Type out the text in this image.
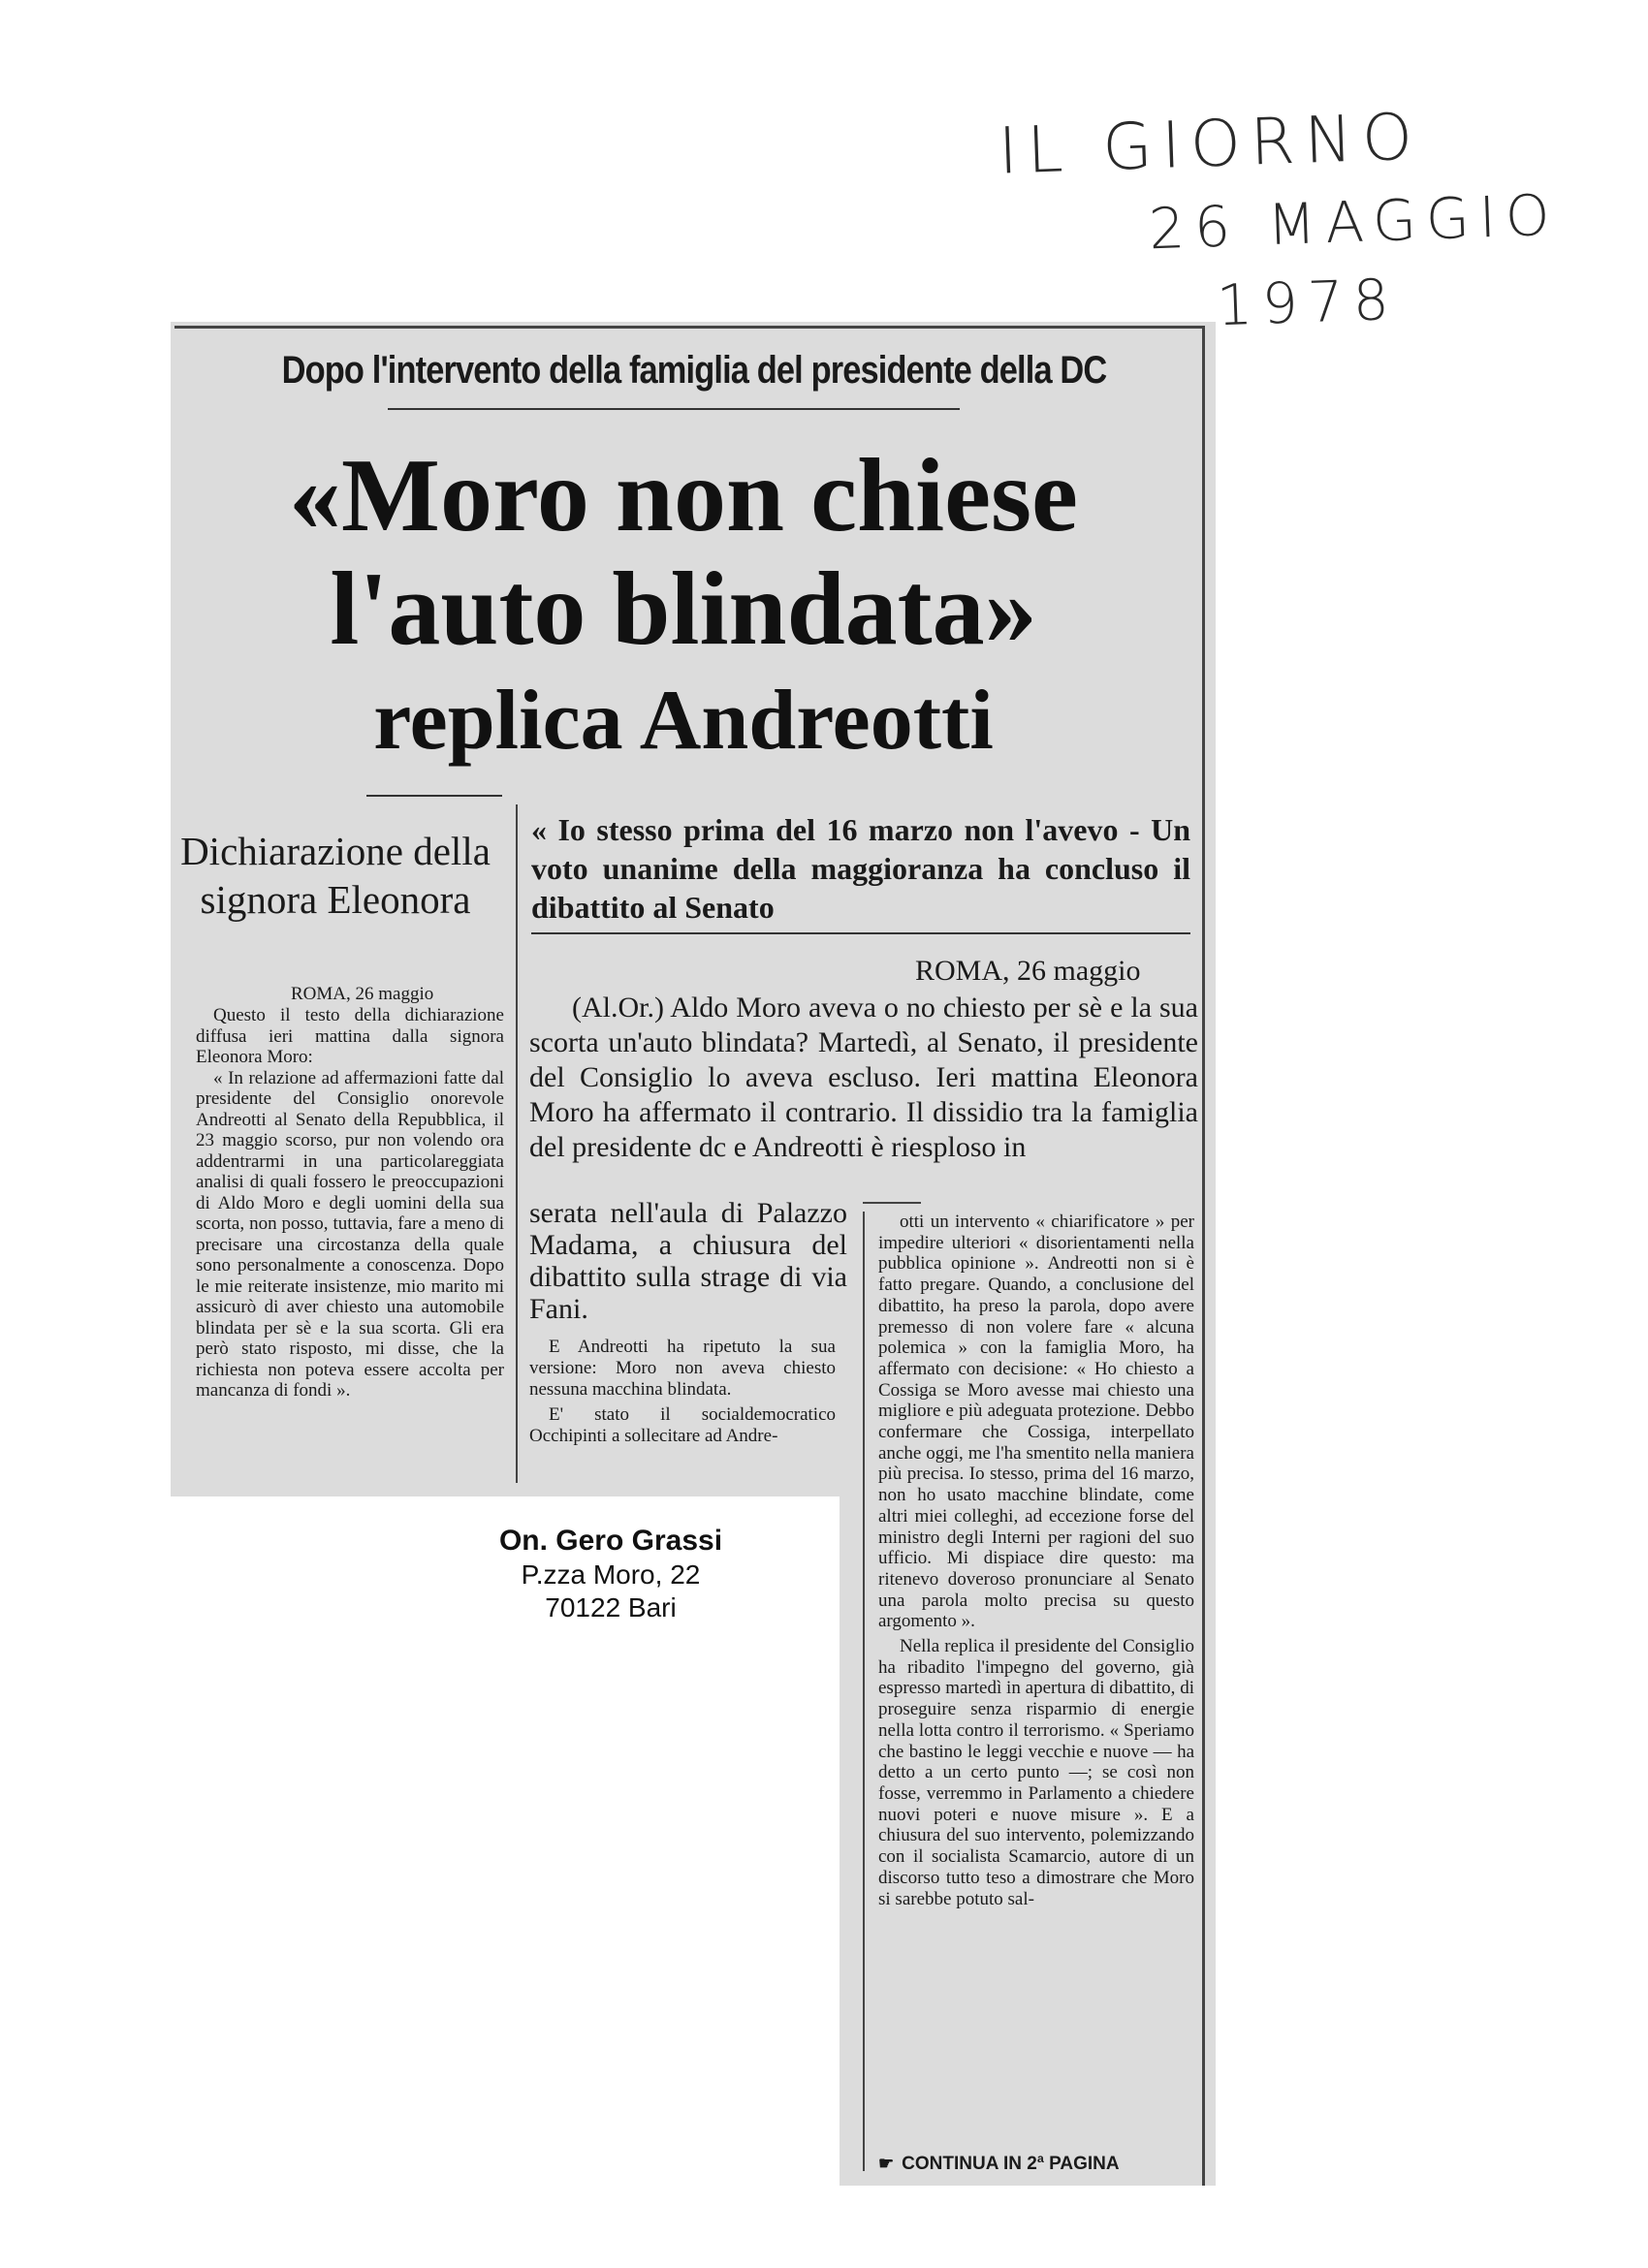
IL GIORNO
26 MAGGIO
1978
Dopo l'intervento della famiglia del presidente della DC
«Moro non chiese
l'auto blindata»
replica Andreotti
Dichiarazione della signora Eleonora
ROMA, 26 maggio

Questo il testo della dichiarazione diffusa ieri mattina dalla signora Eleonora Moro:

« In relazione ad affermazioni fatte dal presidente del Consiglio onorevole Andreotti al Senato della Repubblica, il 23 maggio scorso, pur non volendo ora addentrarmi in una particolareggiata analisi di quali fossero le preoccupazioni di Aldo Moro e degli uomini della sua scorta, non posso, tuttavia, fare a meno di precisare una circostanza della quale sono personalmente a conoscenza. Dopo le mie reiterate insistenze, mio marito mi assicurò di aver chiesto una automobile blindata per sè e la sua scorta. Gli era però stato risposto, mi disse, che la richiesta non poteva essere accolta per mancanza di fondi ».

« Io stesso prima del 16 marzo non l'avevo - Un voto unanime della maggioranza ha concluso il dibattito al Senato
ROMA, 26 maggio

(Al.Or.) Aldo Moro aveva o no chiesto per sè e la sua scorta un'auto blindata? Martedì, al Senato, il presidente del Consiglio lo aveva escluso. Ieri mattina Eleonora Moro ha affermato il contrario. Il dissidio tra la famiglia del presidente dc e Andreotti è riesploso in

serata nell'aula di Palazzo Madama, a chiusura del dibattito sulla strage di via Fani.

E Andreotti ha ripetuto la sua versione: Moro non aveva chiesto nessuna macchina blindata.

E' stato il socialdemocratico Occhipinti a sollecitare ad Andre-

otti un intervento « chiarificatore » per impedire ulteriori « disorientamenti nella pubblica opinione ». Andreotti non si è fatto pregare. Quando, a conclusione del dibattito, ha preso la parola, dopo avere premesso di non volere fare « alcuna polemica » con la famiglia Moro, ha affermato con decisione: « Ho chiesto a Cossiga se Moro avesse mai chiesto una migliore e più adeguata protezione. Debbo confermare che Cossiga, interpellato anche oggi, me l'ha smentito nella maniera più precisa. Io stesso, prima del 16 marzo, non ho usato macchine blindate, come altri miei colleghi, ad eccezione forse del ministro degli Interni per ragioni del suo ufficio. Mi dispiace dire questo: ma ritenevo doveroso pronunciare al Senato una parola molto precisa su questo argomento ».

Nella replica il presidente del Consiglio ha ribadito l'impegno del governo, già espresso martedì in apertura di dibattito, di proseguire senza risparmio di energie nella lotta contro il terrorismo. « Speriamo che bastino le leggi vecchie e nuove — ha detto a un certo punto —; se così non fosse, verremmo in Parlamento a chiedere nuovi poteri e nuove misure ». E a chiusura del suo intervento, polemizzando con il socialista Scamarcio, autore di un discorso tutto teso a dimostrare che Moro si sarebbe potuto sal-

☛ CONTINUA IN 2ª PAGINA
On. Gero Grassi
P.zza Moro, 22
70122 Bari
